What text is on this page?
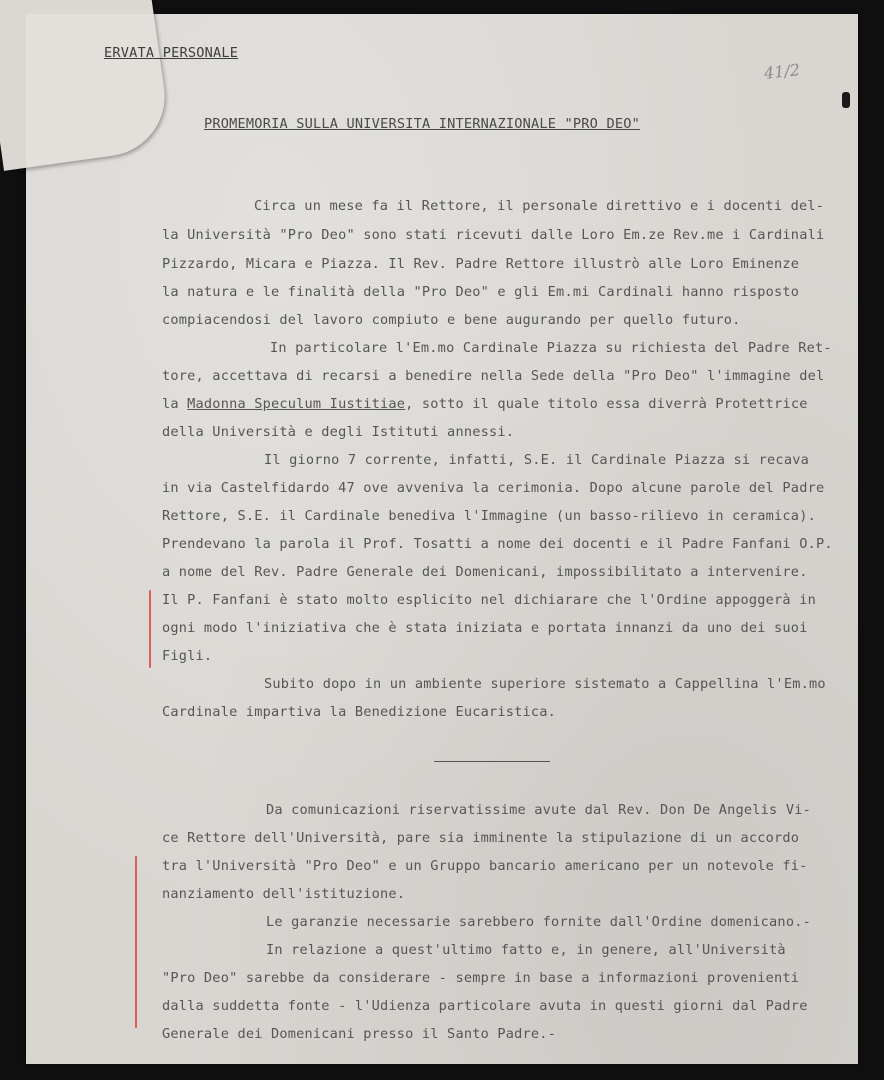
ERVATA PERSONALE
41/2
PROMEMORIA SULLA UNIVERSITA INTERNAZIONALE "PRO DEO"
Circa un mese fa il Rettore, il personale direttivo e i docenti del-
la Università "Pro Deo" sono stati ricevuti dalle Loro Em.ze Rev.me i Cardinali
Pizzardo, Micara e Piazza. Il Rev. Padre Rettore illustrò alle Loro Eminenze
la natura e le finalità della "Pro Deo" e gli Em.mi Cardinali hanno risposto
compiacendosi del lavoro compiuto e bene augurando per quello futuro.
In particolare l'Em.mo Cardinale Piazza su richiesta del Padre Ret-
tore, accettava di recarsi a benedire nella Sede della "Pro Deo" l'immagine del
la Madonna Speculum Iustitiae, sotto il quale titolo essa diverrà Protettrice
della Università e degli Istituti annessi.
Il giorno 7 corrente, infatti, S.E. il Cardinale Piazza si recava
in via Castelfidardo 47 ove avveniva la cerimonia. Dopo alcune parole del Padre
Rettore, S.E. il Cardinale benediva l'Immagine (un basso-rilievo in ceramica).
Prendevano la parola il Prof. Tosatti a nome dei docenti e il Padre Fanfani O.P.
a nome del Rev. Padre Generale dei Domenicani, impossibilitato a intervenire.
Il P. Fanfani è stato molto esplicito nel dichiarare che l'Ordine appoggerà in
ogni modo l'iniziativa che è stata iniziata e portata innanzi da uno dei suoi
Figli.
Subito dopo in un ambiente superiore sistemato a Cappellina l'Em.mo
Cardinale impartiva la Benedizione Eucaristica.
Da comunicazioni riservatissime avute dal Rev. Don De Angelis Vi-
ce Rettore dell'Università, pare sia imminente la stipulazione di un accordo
tra l'Università "Pro Deo" e un Gruppo bancario americano per un notevole fi-
nanziamento dell'istituzione.
Le garanzie necessarie sarebbero fornite dall'Ordine domenicano.-
In relazione a quest'ultimo fatto e, in genere, all'Università
"Pro Deo" sarebbe da considerare - sempre in base a informazioni provenienti
dalla suddetta fonte - l'Udienza particolare avuta in questi giorni dal Padre
Generale dei Domenicani presso il Santo Padre.-
